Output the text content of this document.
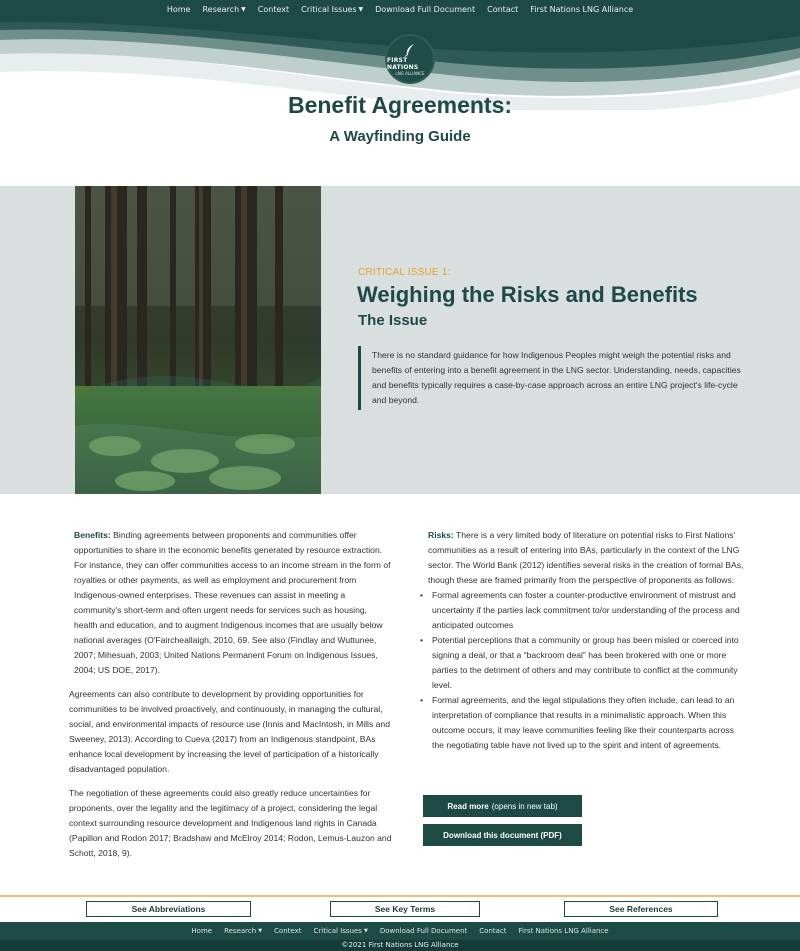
Home Research ▼ Context Critical Issues ▼ Download Full Document Contact First Nations LNG Alliance
FIRST NATIONS
LNG ALLIANCE
Benefit Agreements:
A Wayfinding Guide
CRITICAL ISSUE 1:
Weighing the Risks and Benefits
The Issue
There is no standard guidance for how Indigenous Peoples might weigh the potential risks and benefits of entering into a benefit agreement in the LNG sector. Understanding, needs, capacities and benefits typically requires a case-by-case approach across an entire LNG project's life-cycle and beyond.

Benefits: Binding agreements between proponents and communities offer opportunities to share in the economic benefits generated by resource extraction. For instance, they can offer communities access to an income stream in the form of royalties or other payments, as well as employment and procurement from Indigenous-owned enterprises. These revenues can assist in meeting a community's short-term and often urgent needs for services such as housing, health and education, and to augment Indigenous incomes that are usually below national averages (O'Faircheallaigh, 2010, 69. See also (Findlay and Wuttunee, 2007; Mihesuah, 2003; United Nations Permanent Forum on Indigenous Issues, 2004; US DOE, 2017).

Agreements can also contribute to development by providing opportunities for communities to be involved proactively, and continuously, in managing the cultural, social, and environmental impacts of resource use (Innis and MacIntosh, in Mills and Sweeney, 2013). According to Cueva (2017) from an Indigenous standpoint, BAs enhance local development by increasing the level of participation of a historically disadvantaged population.

The negotiation of these agreements could also greatly reduce uncertainties for proponents, over the legality and the legitimacy of a project, considering the legal context surrounding resource development and Indigenous land rights in Canada (Papillon and Rodon 2017; Bradshaw and McElroy 2014; Rodon, Lemus-Lauzon and Schott, 2018, 9).

Risks: There is a very limited body of literature on potential risks to First Nations' communities as a result of entering into BAs, particularly in the context of the LNG sector. The World Bank (2012) identifies several risks in the creation of formal BAs, though these are framed primarily from the perspective of proponents as follows:

• Formal agreements can foster a counter-productive environment of mistrust and uncertainty if the parties lack commitment to/or understanding of the process and anticipated outcomes
• Potential perceptions that a community or group has been misled or coerced into signing a deal, or that a “backroom deal” has been brokered with one or more parties to the detriment of others and may contribute to conflict at the community level.
• Formal agreements, and the legal stipulations they often include, can lead to an interpretation of compliance that results in a minimalistic approach. When this outcome occurs, it may leave communities feeling like their counterparts across the negotiating table have not lived up to the spirit and intent of agreements.
Read more (opens in new tab)
Download this document (PDF)
See Abbreviations	See Key Terms	See References
Home Research ▼ Context Critical Issues ▼ Download Full Document Contact First Nations LNG Alliance
©2021 First Nations LNG Alliance
